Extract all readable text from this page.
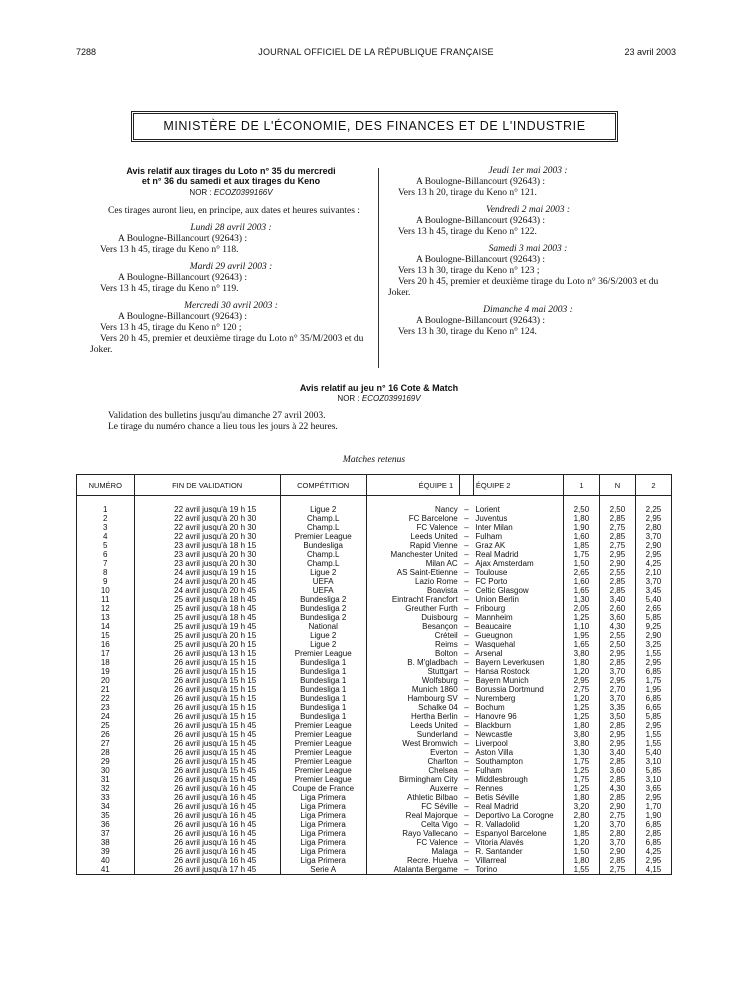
7288	JOURNAL OFFICIEL DE LA RÉPUBLIQUE FRANÇAISE	23 avril 2003
MINISTÈRE DE L'ÉCONOMIE, DES FINANCES ET DE L'INDUSTRIE
Avis relatif aux tirages du Loto n° 35 du mercredi
et n° 36 du samedi et aux tirages du Keno
NOR : ECOZ0399166V
Ces tirages auront lieu, en principe, aux dates et heures suivantes :
Lundi 28 avril 2003 :
A Boulogne-Billancourt (92643) :
Vers 13 h 45, tirage du Keno n° 118.
Mardi 29 avril 2003 :
A Boulogne-Billancourt (92643) :
Vers 13 h 45, tirage du Keno n° 119.
Mercredi 30 avril 2003 :
A Boulogne-Billancourt (92643) :
Vers 13 h 45, tirage du Keno n° 120 ;
Vers 20 h 45, premier et deuxième tirage du Loto n° 35/M/2003 et du Joker.
Jeudi 1er mai 2003 :
A Boulogne-Billancourt (92643) :
Vers 13 h 20, tirage du Keno n° 121.
Vendredi 2 mai 2003 :
A Boulogne-Billancourt (92643) :
Vers 13 h 45, tirage du Keno n° 122.
Samedi 3 mai 2003 :
A Boulogne-Billancourt (92643) :
Vers 13 h 30, tirage du Keno n° 123 ;
Vers 20 h 45, premier et deuxième tirage du Loto n° 36/S/2003 et du Joker.
Dimanche 4 mai 2003 :
A Boulogne-Billancourt (92643) :
Vers 13 h 30, tirage du Keno n° 124.
Avis relatif au jeu n° 16 Cote & Match
NOR : ECOZ0399169V
Validation des bulletins jusqu'au dimanche 27 avril 2003.
Le tirage du numéro chance a lieu tous les jours à 22 heures.
Matches retenus
NUMÉRO	FIN DE VALIDATION	COMPÉTITION	ÉQUIPE 1		ÉQUIPE 2	1	N	2

1	22 avril jusqu'à 19 h 15	Ligue 2	Nancy	–	Lorient	2,50	2,50	2,25
2	22 avril jusqu'à 20 h 30	Champ.L	FC Barcelone	–	Juventus	1,80	2,85	2,95
3	22 avril jusqu'à 20 h 30	Champ.L	FC Valence	–	Inter Milan	1,90	2,75	2,80
4	22 avril jusqu'à 20 h 30	Premier League	Leeds United	–	Fulham	1,60	2,85	3,70
5	23 avril jusqu'à 18 h 15	Bundesliga	Rapid Vienne	–	Graz AK	1,85	2,75	2,90
6	23 avril jusqu'à 20 h 30	Champ.L	Manchester United	–	Real Madrid	1,75	2,95	2,95
7	23 avril jusqu'à 20 h 30	Champ.L	Milan AC	–	Ajax Amsterdam	1,50	2,90	4,25
8	24 avril jusqu'à 19 h 15	Ligue 2	AS Saint-Etienne	–	Toulouse	2,65	2,55	2,10
9	24 avril jusqu'à 20 h 45	UEFA	Lazio Rome	–	FC Porto	1,60	2,85	3,70
10	24 avril jusqu'à 20 h 45	UEFA	Boavista	–	Celtic Glasgow	1,65	2,85	3,45
11	25 avril jusqu'à 18 h 45	Bundesliga 2	Eintracht Francfort	–	Union Berlin	1,30	3,40	5,40
12	25 avril jusqu'à 18 h 45	Bundesliga 2	Greuther Furth	–	Fribourg	2,05	2,60	2,65
13	25 avril jusqu'à 18 h 45	Bundesliga 2	Duisbourg	–	Mannheim	1,25	3,60	5,85
14	25 avril jusqu'à 19 h 45	National	Besançon	–	Beaucaire	1,10	4,30	9,25
15	25 avril jusqu'à 20 h 15	Ligue 2	Créteil	–	Gueugnon	1,95	2,55	2,90
16	25 avril jusqu'à 20 h 15	Ligue 2	Reims	–	Wasquehal	1,65	2,50	3,25
17	26 avril jusqu'à 13 h 15	Premier League	Bolton	–	Arsenal	3,80	2,95	1,55
18	26 avril jusqu'à 15 h 15	Bundesliga 1	B. M'gladbach	–	Bayern Leverkusen	1,80	2,85	2,95
19	26 avril jusqu'à 15 h 15	Bundesliga 1	Stuttgart	–	Hansa Rostock	1,20	3,70	6,85
20	26 avril jusqu'à 15 h 15	Bundesliga 1	Wolfsburg	–	Bayern Munich	2,95	2,95	1,75
21	26 avril jusqu'à 15 h 15	Bundesliga 1	Munich 1860	–	Borussia Dortmund	2,75	2,70	1,95
22	26 avril jusqu'à 15 h 15	Bundesliga 1	Hambourg SV	–	Nuremberg	1,20	3,70	6,85
23	26 avril jusqu'à 15 h 15	Bundesliga 1	Schalke 04	–	Bochum	1,25	3,35	6,65
24	26 avril jusqu'à 15 h 15	Bundesliga 1	Hertha Berlin	–	Hanovre 96	1,25	3,50	5,85
25	26 avril jusqu'à 15 h 45	Premier League	Leeds United	–	Blackburn	1,80	2,85	2,95
26	26 avril jusqu'à 15 h 45	Premier League	Sunderland	–	Newcastle	3,80	2,95	1,55
27	26 avril jusqu'à 15 h 45	Premier League	West Bromwich	–	Liverpool	3,80	2,95	1,55
28	26 avril jusqu'à 15 h 45	Premier League	Everton	–	Aston Villa	1,30	3,40	5,40
29	26 avril jusqu'à 15 h 45	Premier League	Charlton	–	Southampton	1,75	2,85	3,10
30	26 avril jusqu'à 15 h 45	Premier League	Chelsea	–	Fulham	1,25	3,60	5,85
31	26 avril jusqu'à 15 h 45	Premier League	Birmingham City	–	Middlesbrough	1,75	2,85	3,10
32	26 avril jusqu'à 16 h 45	Coupe de France	Auxerre	–	Rennes	1,25	4,30	3,65
33	26 avril jusqu'à 16 h 45	Liga Primera	Athletic Bilbao	–	Betis Séville	1,80	2,85	2,95
34	26 avril jusqu'à 16 h 45	Liga Primera	FC Séville	–	Real Madrid	3,20	2,90	1,70
35	26 avril jusqu'à 16 h 45	Liga Primera	Real Majorque	–	Deportivo La Corogne	2,80	2,75	1,90
36	26 avril jusqu'à 16 h 45	Liga Primera	Celta Vigo	–	R. Valladolid	1,20	3,70	6,85
37	26 avril jusqu'à 16 h 45	Liga Primera	Rayo Vallecano	–	Espanyol Barcelone	1,85	2,80	2,85
38	26 avril jusqu'à 16 h 45	Liga Primera	FC Valence	–	Vitoria Alavés	1,20	3,70	6,85
39	26 avril jusqu'à 16 h 45	Liga Primera	Malaga	–	R. Santander	1,50	2,90	4,25
40	26 avril jusqu'à 16 h 45	Liga Primera	Recre. Huelva	–	Villarreal	1,80	2,85	2,95
41	26 avril jusqu'à 17 h 45	Serie A	Atalanta Bergame	–	Torino	1,55	2,75	4,15
